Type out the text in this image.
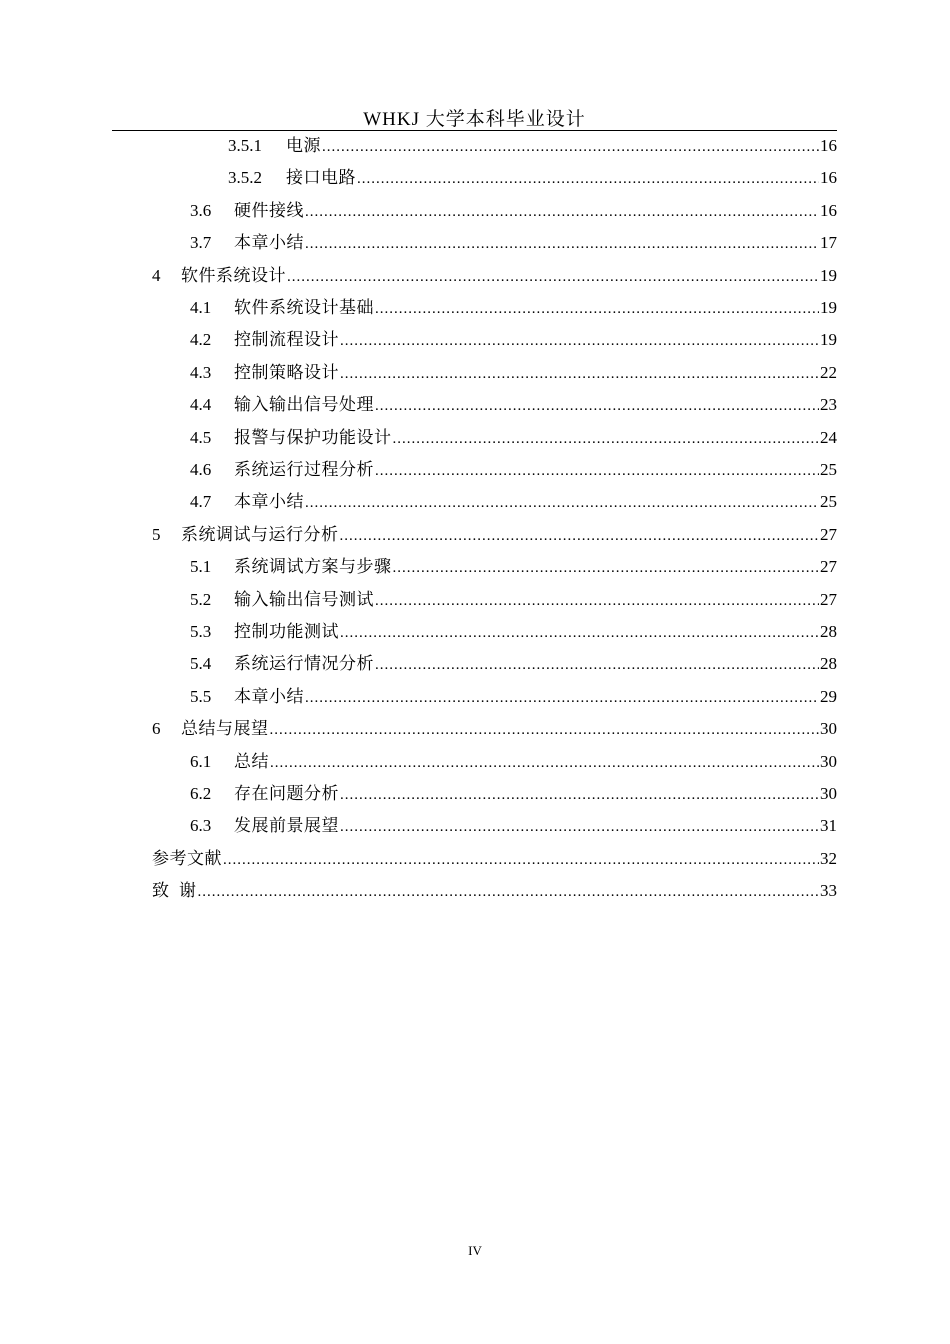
WHKJ 大学本科毕业设计
3.5.1 电源 .....	16
3.5.2 接口电路 .....	16
3.6 硬件接线 .....	16
3.7 本章小结 .....	17
4 软件系统设计 .....	19
4.1 软件系统设计基础 .....	19
4.2 控制流程设计 .....	19
4.3 控制策略设计 .....	22
4.4 输入输出信号处理 .....	23
4.5 报警与保护功能设计 .....	24
4.6 系统运行过程分析 .....	25
4.7 本章小结 .....	25
5 系统调试与运行分析 .....	27
5.1 系统调试方案与步骤 .....	27
5.2 输入输出信号测试 .....	27
5.3 控制功能测试 .....	28
5.4 系统运行情况分析 .....	28
5.5 本章小结 .....	29
6 总结与展望 .....	30
6.1 总结 .....	30
6.2 存在问题分析 .....	30
6.3 发展前景展望 .....	31
参考文献 .....	32
致  谢 .....	33
IV
